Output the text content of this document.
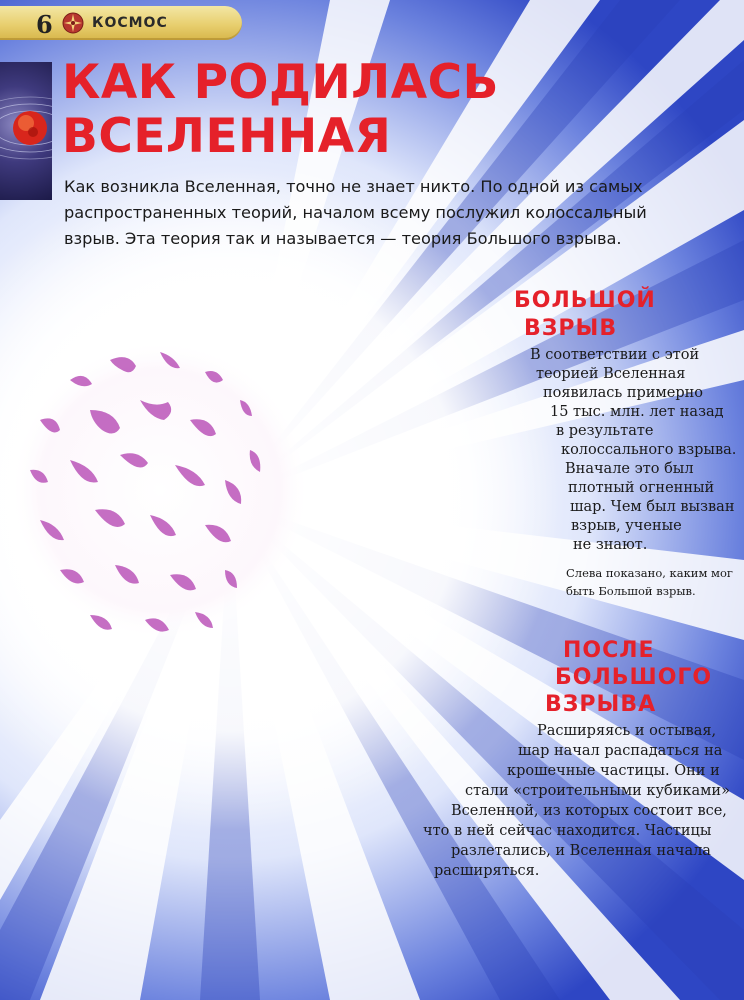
6	КОСМОС
КАК РОДИЛАСЬ
ВСЕЛЕННАЯ

Как возникла Вселенная, точно не знает никто. По одной из самых
распространенных теорий, началом всему послужил колоссальный
взрыв. Эта теория так и называется — теория Большого взрыва.

БОЛЬШОЙ
ВЗРЫВ
В соответствии с этой
теорией Вселенная
появилась примерно
15 тыс. млн. лет назад
в результате
колоссального взрыва.
Вначале это был
плотный огненный
шар. Чем был вызван
взрыв, ученые
не знают.
Слева показано, каким мог
быть Большой взрыв.
ПОСЛЕ
БОЛЬШОГО
ВЗРЫВА
Расширяясь и остывая,
шар начал распадаться на
крошечные частицы. Они и
стали «строительными кубиками»
Вселенной, из которых состоит все,
что в ней сейчас находится. Частицы
разлетались, и Вселенная начала
расширяться.
